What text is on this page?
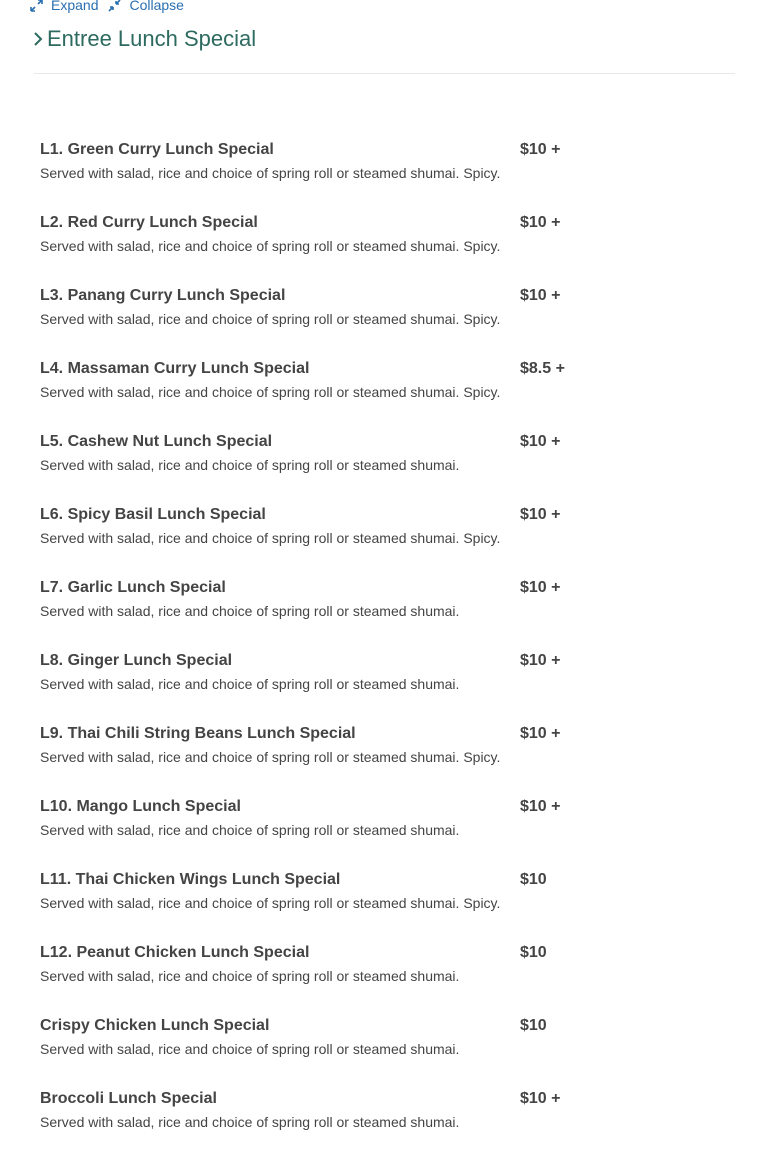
Expand Collapse
Entree Lunch Special
L1. Green Curry Lunch Special
Served with salad, rice and choice of spring roll or steamed shumai. Spicy.
$10 +
L2. Red Curry Lunch Special
Served with salad, rice and choice of spring roll or steamed shumai. Spicy.
$10 +
L3. Panang Curry Lunch Special
Served with salad, rice and choice of spring roll or steamed shumai. Spicy.
$10 +
L4. Massaman Curry Lunch Special
Served with salad, rice and choice of spring roll or steamed shumai. Spicy.
$8.5 +
L5. Cashew Nut Lunch Special
Served with salad, rice and choice of spring roll or steamed shumai.
$10 +
L6. Spicy Basil Lunch Special
Served with salad, rice and choice of spring roll or steamed shumai. Spicy.
$10 +
L7. Garlic Lunch Special
Served with salad, rice and choice of spring roll or steamed shumai.
$10 +
L8. Ginger Lunch Special
Served with salad, rice and choice of spring roll or steamed shumai.
$10 +
L9. Thai Chili String Beans Lunch Special
Served with salad, rice and choice of spring roll or steamed shumai. Spicy.
$10 +
L10. Mango Lunch Special
Served with salad, rice and choice of spring roll or steamed shumai.
$10 +
L11. Thai Chicken Wings Lunch Special
Served with salad, rice and choice of spring roll or steamed shumai. Spicy.
$10
L12. Peanut Chicken Lunch Special
Served with salad, rice and choice of spring roll or steamed shumai.
$10
Crispy Chicken Lunch Special
Served with salad, rice and choice of spring roll or steamed shumai.
$10
Broccoli Lunch Special
Served with salad, rice and choice of spring roll or steamed shumai.
$10 +
